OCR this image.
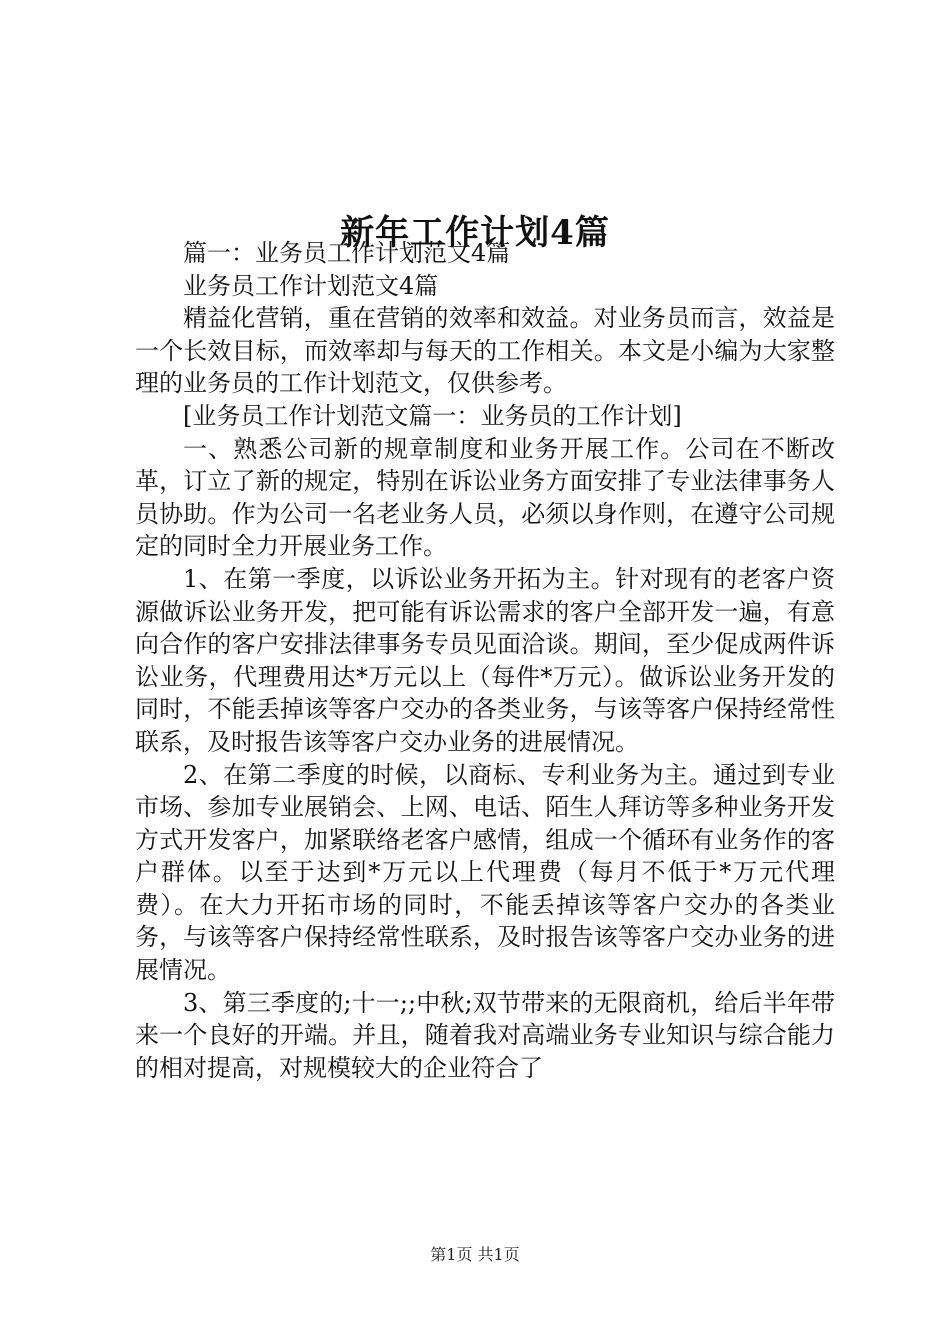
新年工作计划4篇

篇一：业务员工作计划范文4篇

业务员工作计划范文4篇

精益化营销，重在营销的效率和效益。对业务员而言，效益是一个长效目标，而效率却与每天的工作相关。本文是小编为大家整理的业务员的工作计划范文，仅供参考。

[业务员工作计划范文篇一：业务员的工作计划]

一、熟悉公司新的规章制度和业务开展工作。公司在不断改革，订立了新的规定，特别在诉讼业务方面安排了专业法律事务人员协助。作为公司一名老业务人员，必须以身作则，在遵守公司规定的同时全力开展业务工作。

1、在第一季度，以诉讼业务开拓为主。针对现有的老客户资源做诉讼业务开发，把可能有诉讼需求的客户全部开发一遍，有意向合作的客户安排法律事务专员见面洽谈。期间，至少促成两件诉讼业务，代理费用达*万元以上（每件*万元）。做诉讼业务开发的同时，不能丢掉该等客户交办的各类业务，与该等客户保持经常性联系，及时报告该等客户交办业务的进展情况。

2、在第二季度的时候，以商标、专利业务为主。通过到专业市场、参加专业展销会、上网、电话、陌生人拜访等多种业务开发方式开发客户，加紧联络老客户感情，组成一个循环有业务作的客户群体。以至于达到*万元以上代理费（每月不低于*万元代理费）。在大力开拓市场的同时，不能丢掉该等客户交办的各类业务，与该等客户保持经常性联系，及时报告该等客户交办业务的进展情况。

3、第三季度的;十一;;中秋;双节带来的无限商机，给后半年带来一个良好的开端。并且，随着我对高端业务专业知识与综合能力的相对提高，对规模较大的企业符合了

第1页 共1页
